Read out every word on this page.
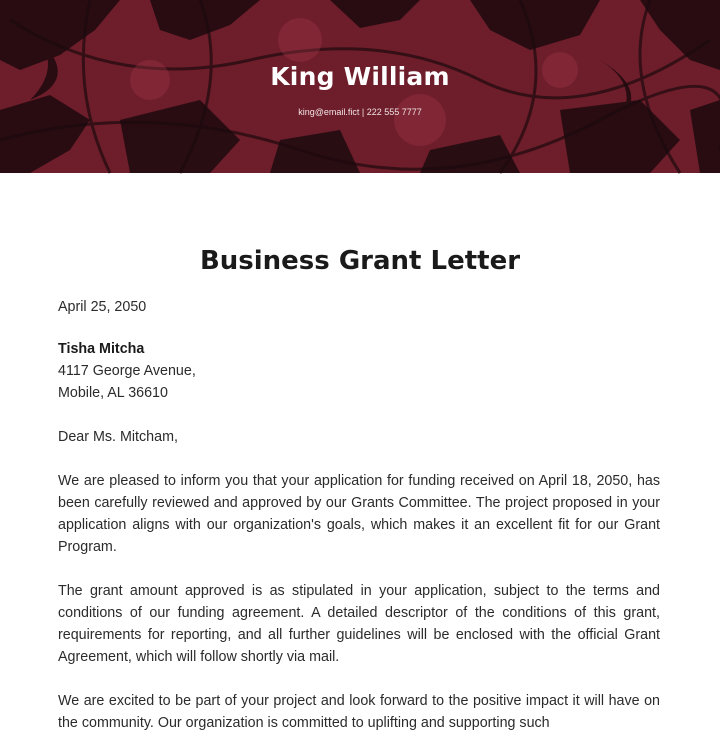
King William
king@email.fict | 222 555 7777
Business Grant Letter

April 25, 2050

Tisha Mitcha

4117 George Avenue,

Mobile, AL 36610

Dear Ms. Mitcham,

We are pleased to inform you that your application for funding received on April 18, 2050, has been carefully reviewed and approved by our Grants Committee. The project proposed in your application aligns with our organization's goals, which makes it an excellent fit for our Grant Program.

The grant amount approved is as stipulated in your application, subject to the terms and conditions of our funding agreement. A detailed descriptor of the conditions of this grant, requirements for reporting, and all further guidelines will be enclosed with the official Grant Agreement, which will follow shortly via mail.

We are excited to be part of your project and look forward to the positive impact it will have on the community. Our organization is committed to uplifting and supporting such
